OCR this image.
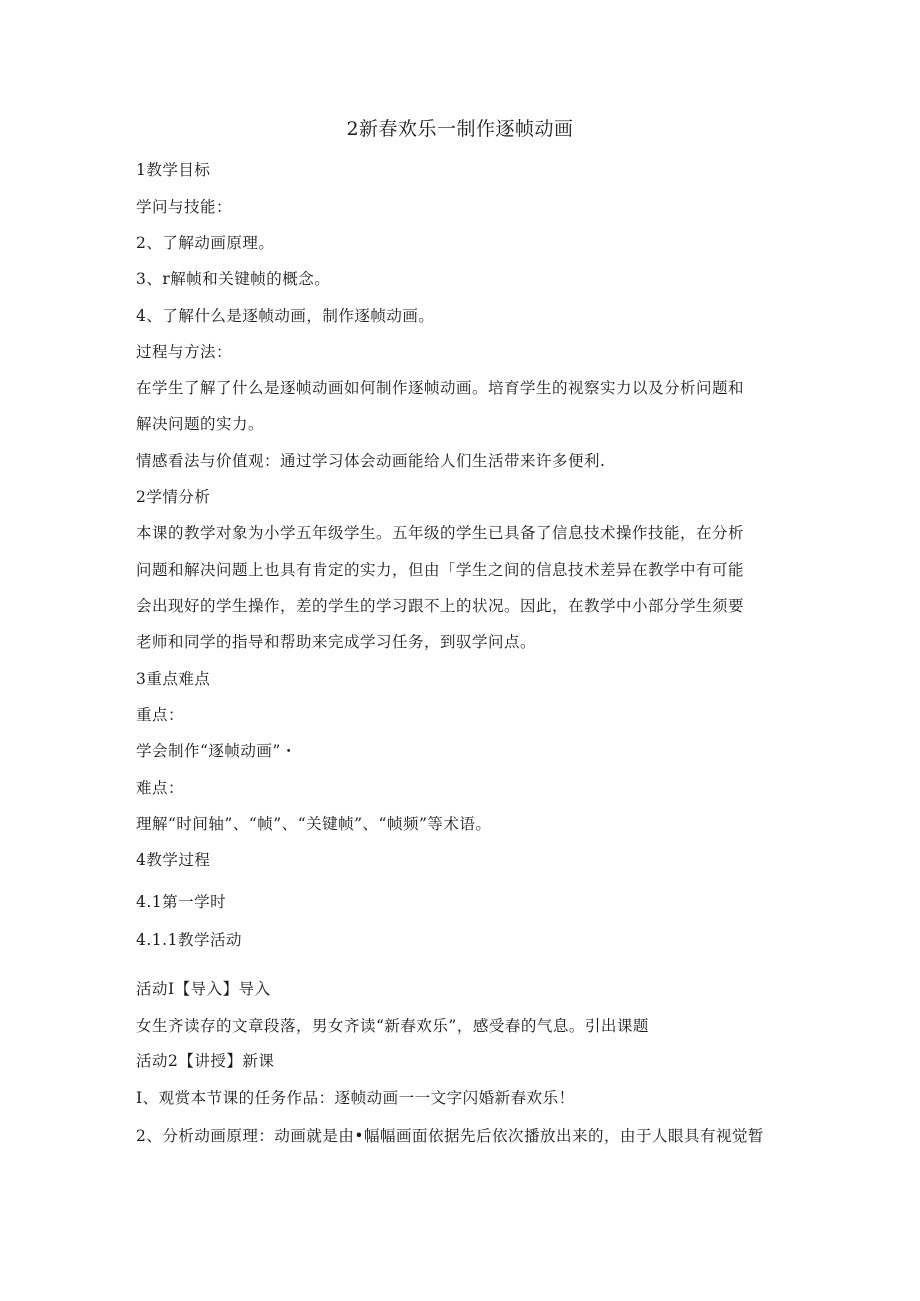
2新春欢乐一制作逐帧动画
1教学目标
学问与技能：
2、了解动画原理。
3、r解帧和关键帧的概念。
4、了解什么是逐帧动画，制作逐帧动画。
过程与方法：
在学生了解了什么是逐帧动画如何制作逐帧动画。培育学生的视察实力以及分析问题和
解决问题的实力。
情感看法与价值观：通过学习体会动画能给人们生活带来许多便利.
2学情分析
本课的教学对象为小学五年级学生。五年级的学生已具备了信息技术操作技能，在分析
问题和解决问题上也具有肯定的实力，但由「学生之间的信息技术差异在教学中有可能
会出现好的学生操作，差的学生的学习跟不上的状况。因此，在教学中小部分学生须要
老师和同学的指导和帮助来完成学习任务，到驭学问点。
3重点难点
重点：
学会制作“逐帧动画”・
难点：
理解“时间轴”、“帧”、“关键帧”、“帧频”等术语。
4教学过程
4.1第一学时
4.1.1教学活动
活动I【导入】导入
女生齐读存的文章段落，男女齐读“新春欢乐”，感受春的气息。引出课题
活动2【讲授】新课
I、观赏本节课的任务作品：逐帧动画一一文字闪婚新春欢乐！
2、分析动画原理：动画就是由•幅幅画面依据先后依次播放出来的，由于人眼具有视觉暂
